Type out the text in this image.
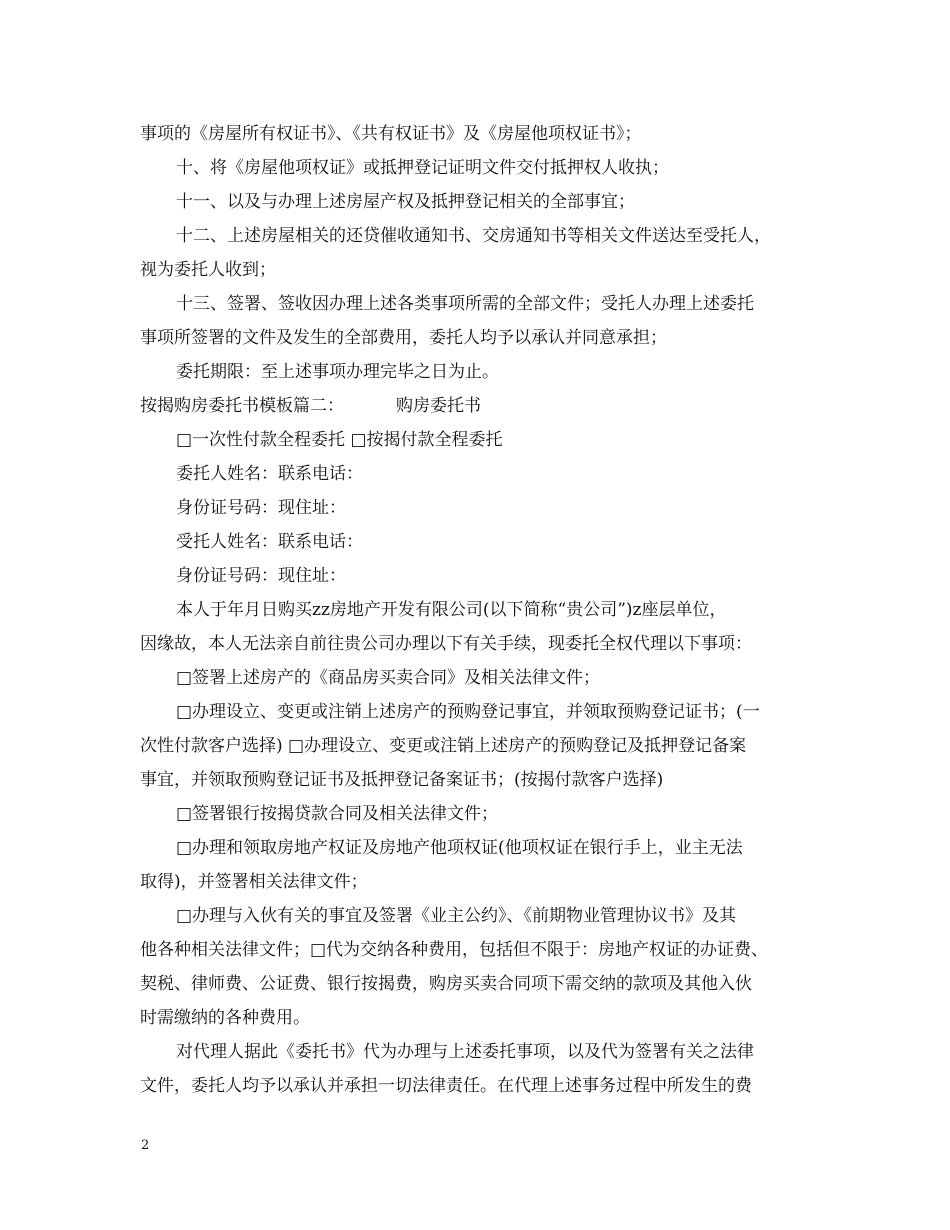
事项的《房屋所有权证书》、《共有权证书》及《房屋他项权证书》；

十、将《房屋他项权证》或抵押登记证明文件交付抵押权人收执；

十一、以及与办理上述房屋产权及抵押登记相关的全部事宜；

十二、上述房屋相关的还贷催收通知书、交房通知书等相关文件送达至受托人，

视为委托人收到；

十三、签署、签收因办理上述各类事项所需的全部文件；受托人办理上述委托

事项所签署的文件及发生的全部费用，委托人均予以承认并同意承担；

委托期限：至上述事项办理完毕之日为止。

按揭购房委托书模板篇二：	购房委托书

□一次性付款全程委托 □按揭付款全程委托

委托人姓名：联系电话：

身份证号码：现住址：

受托人姓名：联系电话：

身份证号码：现住址：

本人于年月日购买zz房地产开发有限公司(以下简称“贵公司”)z座层单位，

因缘故，本人无法亲自前往贵公司办理以下有关手续，现委托全权代理以下事项：

□签署上述房产的《商品房买卖合同》及相关法律文件；

□办理设立、变更或注销上述房产的预购登记事宜，并领取预购登记证书；(一

次性付款客户选择) □办理设立、变更或注销上述房产的预购登记及抵押登记备案

事宜，并领取预购登记证书及抵押登记备案证书；(按揭付款客户选择)

□签署银行按揭贷款合同及相关法律文件；

□办理和领取房地产权证及房地产他项权证(他项权证在银行手上，业主无法

取得)，并签署相关法律文件；

□办理与入伙有关的事宜及签署《业主公约》、《前期物业管理协议书》及其

他各种相关法律文件；□代为交纳各种费用，包括但不限于：房地产权证的办证费、

契税、律师费、公证费、银行按揭费，购房买卖合同项下需交纳的款项及其他入伙

时需缴纳的各种费用。

对代理人据此《委托书》代为办理与上述委托事项，以及代为签署有关之法律

文件，委托人均予以承认并承担一切法律责任。在代理上述事务过程中所发生的费

2
